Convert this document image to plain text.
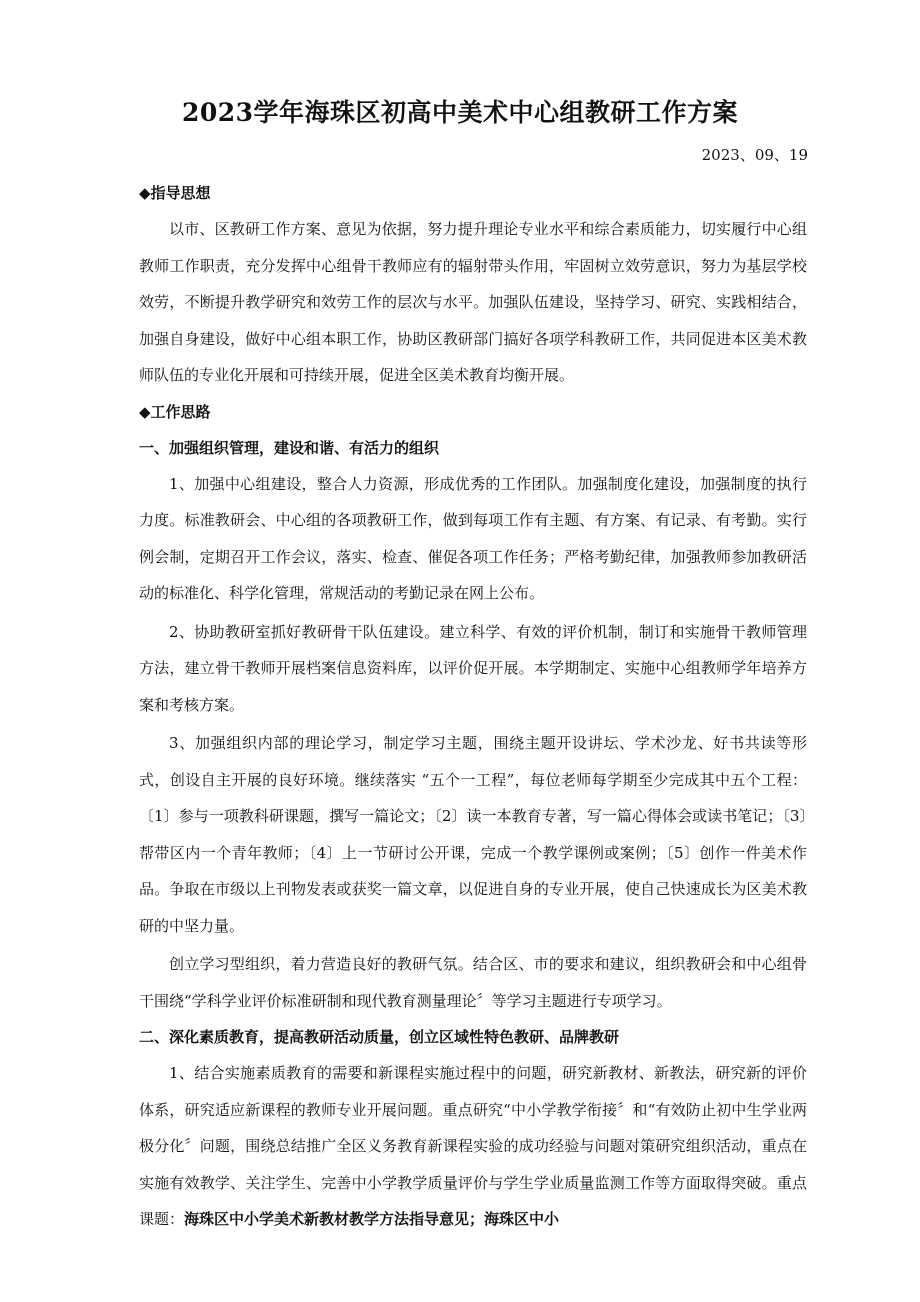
2023学年海珠区初高中美术中心组教研工作方案
2023、09、19

◆指导思想

以市、区教研工作方案、意见为依据，努力提升理论专业水平和综合素质能力，切实履行中心组教师工作职责，充分发挥中心组骨干教师应有的辐射带头作用，牢固树立效劳意识，努力为基层学校效劳，不断提升教学研究和效劳工作的层次与水平。加强队伍建设，坚持学习、研究、实践相结合，加强自身建设，做好中心组本职工作，协助区教研部门搞好各项学科教研工作，共同促进本区美术教师队伍的专业化开展和可持续开展，促进全区美术教育均衡开展。

◆工作思路

一、加强组织管理，建设和谐、有活力的组织

1、加强中心组建设，整合人力资源，形成优秀的工作团队。加强制度化建设，加强制度的执行力度。标准教研会、中心组的各项教研工作，做到每项工作有主题、有方案、有记录、有考勤。实行例会制，定期召开工作会议，落实、检查、催促各项工作任务；严格考勤纪律，加强教师参加教研活动的标准化、科学化管理，常规活动的考勤记录在网上公布。

2、协助教研室抓好教研骨干队伍建设。建立科学、有效的评价机制，制订和实施骨干教师管理方法，建立骨干教师开展档案信息资料库，以评价促开展。本学期制定、实施中心组教师学年培养方案和考核方案。

3、加强组织内部的理论学习，制定学习主题，围绕主题开设讲坛、学术沙龙、好书共读等形式，创设自主开展的良好环境。继续落实 “五个一工程”，每位老师每学期至少完成其中五个工程：〔1〕参与一项教科研课题，撰写一篇论文；〔2〕读一本教育专著，写一篇心得体会或读书笔记；〔3〕帮带区内一个青年教师；〔4〕上一节研讨公开课，完成一个教学课例或案例；〔5〕创作一件美术作品。争取在市级以上刊物发表或获奖一篇文章，以促进自身的专业开展，使自己快速成长为区美术教研的中坚力量。

创立学习型组织，着力营造良好的教研气氛。结合区、市的要求和建议，组织教研会和中心组骨干围绕“学科学业评价标准研制和现代教育测量理论〞等学习主题进行专项学习。

二、深化素质教育，提高教研活动质量，创立区域性特色教研、品牌教研

1、结合实施素质教育的需要和新课程实施过程中的问题，研究新教材、新教法，研究新的评价体系，研究适应新课程的教师专业开展问题。重点研究“中小学教学衔接〞和“有效防止初中生学业两极分化〞问题，围绕总结推广全区义务教育新课程实验的成功经验与问题对策研究组织活动，重点在实施有效教学、关注学生、完善中小学教学质量评价与学生学业质量监测工作等方面取得突破。重点课题：海珠区中小学美术新教材教学方法指导意见；海珠区中小
